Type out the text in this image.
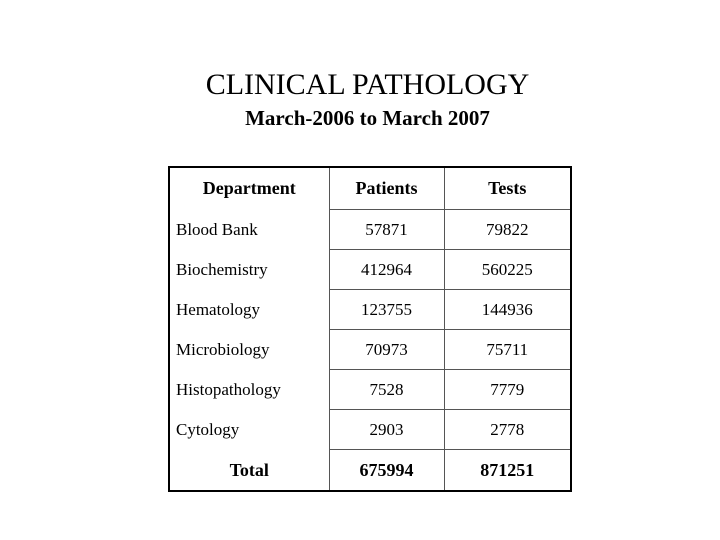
CLINICAL PATHOLOGY
March-2006 to March 2007
Department	Patients	Tests
Blood Bank	57871	79822
Biochemistry	412964	560225
Hematology	123755	144936
Microbiology	70973	75711
Histopathology	7528	7779
Cytology	2903	2778
Total	675994	871251
